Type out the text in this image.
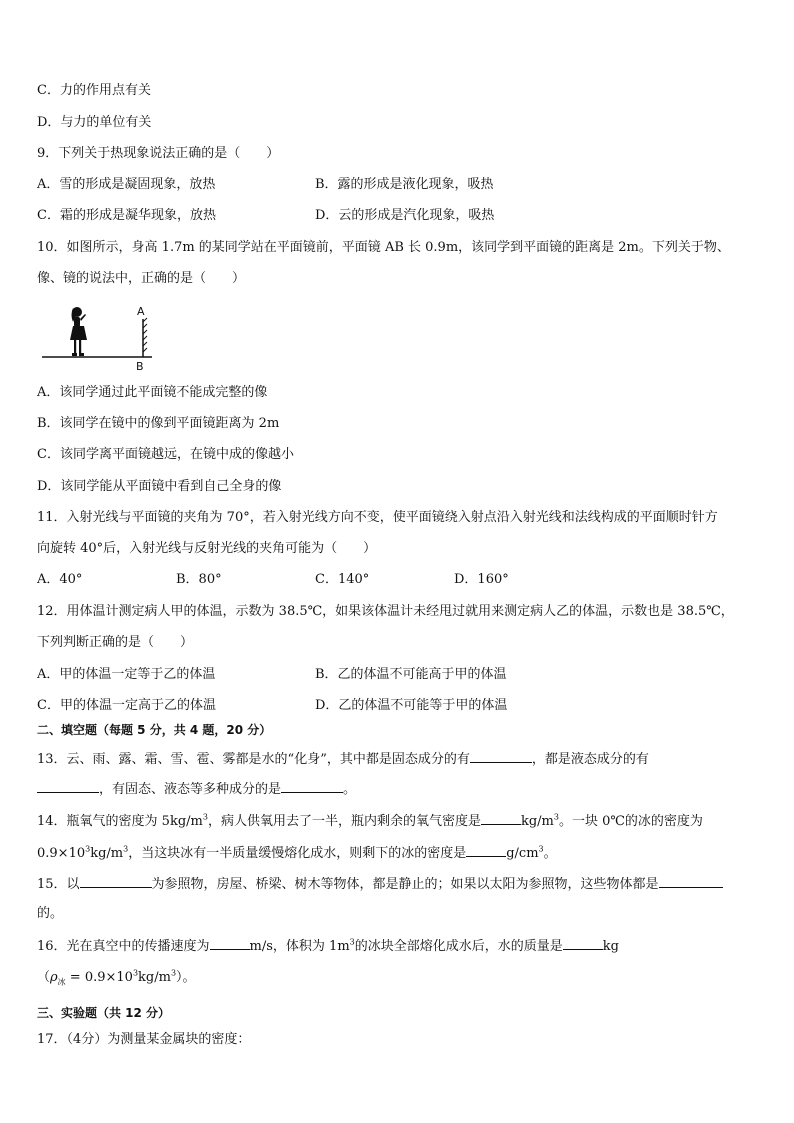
C．力的作用点有关
D．与力的单位有关
9．下列关于热现象说法正确的是（　　）
A．雪的形成是凝固现象，放热	B．露的形成是液化现象，吸热
C．霜的形成是凝华现象，放热	D．云的形成是汽化现象，吸热
10．如图所示，身高 1.7m 的某同学站在平面镜前，平面镜 AB 长 0.9m，该同学到平面镜的距离是 2m。下列关于物、
像、镜的说法中，正确的是（　　）
A
B
A．该同学通过此平面镜不能成完整的像
B．该同学在镜中的像到平面镜距离为 2m
C．该同学离平面镜越远，在镜中成的像越小
D．该同学能从平面镜中看到自己全身的像
11．入射光线与平面镜的夹角为 70°，若入射光线方向不变，使平面镜绕入射点沿入射光线和法线构成的平面顺时针方
向旋转 40°后，入射光线与反射光线的夹角可能为（　　）
A．40°	B．80°	C．140°	D．160°
12．用体温计测定病人甲的体温，示数为 38.5℃，如果该体温计未经甩过就用来测定病人乙的体温，示数也是 38.5℃，
下列判断正确的是（　　）
A．甲的体温一定等于乙的体温	B．乙的体温不可能高于甲的体温
C．甲的体温一定高于乙的体温	D．乙的体温不可能等于甲的体温
二、填空题（每题 5 分，共 4 题，20 分）
13．云、雨、露、霜、雪、雹、雾都是水的“化身”，其中都是固态成分的有	，都是液态成分的有
，有固态、液态等多种成分的是	。
14．瓶氧气的密度为 $5kg/m^3$，病人供氧用去了一半，瓶内剩余的氧气密度是	$kg/m^3$。一块 0℃的冰的密度为
$0.9\times 10^3kg/m^3$，当这块冰有一半质量缓慢熔化成水，则剩下的冰的密度是	$g/cm^3$。
15．以	为参照物，房屋、桥梁、树木等物体，都是静止的；如果以太阳为参照物，这些物体都是
的。
16．光在真空中的传播速度为	m/s，体积为 $1m^3$的冰块全部熔化成水后，水的质量是	kg
$(\rho_冰 = 0.9\times 10^3kg/m^3)$。
三、实验题（共 12 分）
17．（4分）为测量某金属块的密度：
